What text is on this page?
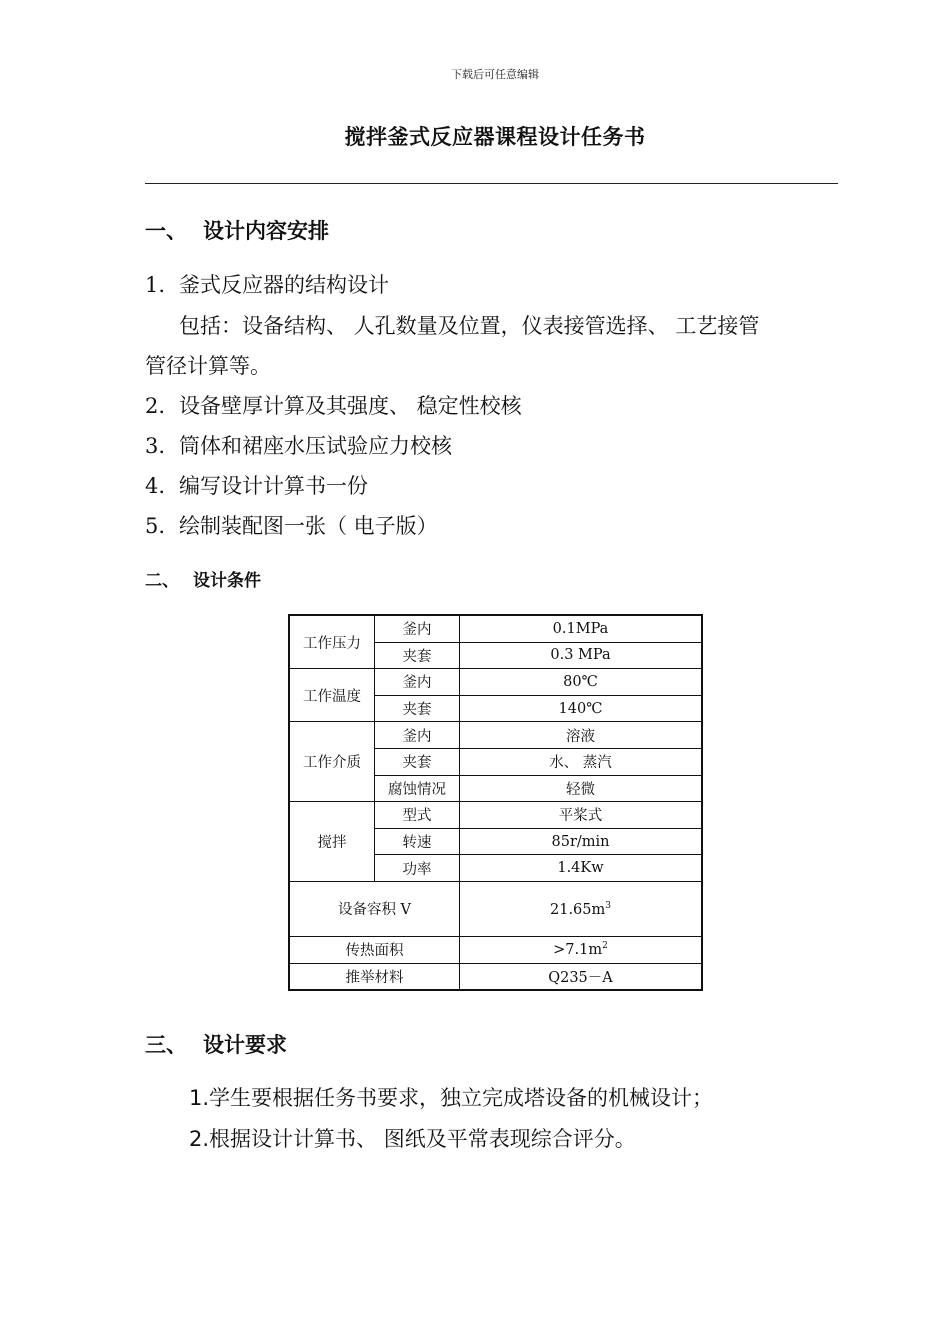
下载后可任意编辑
搅拌釜式反应器课程设计任务书
一、 设计内容安排
1. 釜式反应器的结构设计
包括：设备结构、 人孔数量及位置，仪表接管选择、 工艺接管
管径计算等。
2. 设备壁厚计算及其强度、 稳定性校核
3. 筒体和裙座水压试验应力校核
4. 编写设计计算书一份
5. 绘制装配图一张（ 电子版）
二、 设计条件
工作压力	釜内	0.1MPa
	夹套	0.3 MPa
工作温度	釜内	80℃
	夹套	140℃
工作介质	釜内	溶液
	夹套	水、 蒸汽
	腐蚀情况	轻微
搅拌	型式	平桨式
	转速	85r/min
	功率	1.4Kw
设备容积 V		$21.65m^3$
传热面积		$>7.1m^2$
推举材料		Q235－A
三、 设计要求
1.学生要根据任务书要求，独立完成塔设备的机械设计；
2.根据设计计算书、 图纸及平常表现综合评分。
